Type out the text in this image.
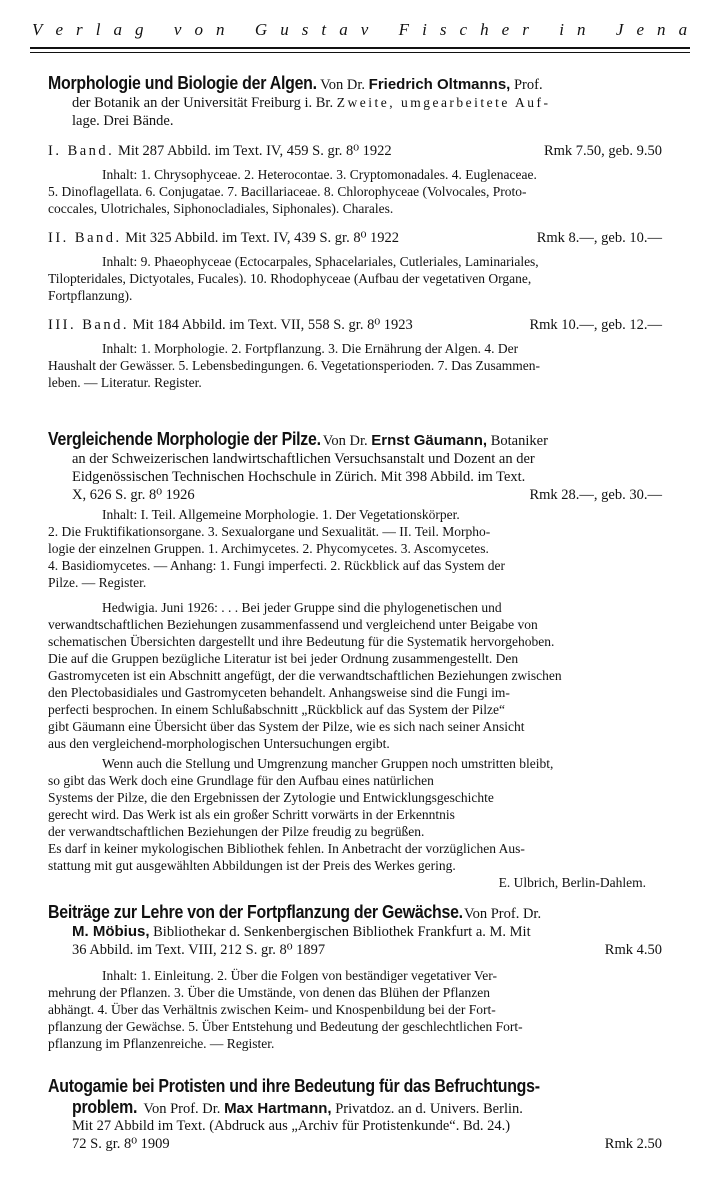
V e r l a g
v o n
G u s t a v
F i s c h e r
i n
J e n a
Morphologie und Biologie der Algen. Von Dr. Friedrich Oltmanns, Prof.
der Botanik an der Universität Freiburg i. Br. Zweite, umgearbeitete Auf-
lage. Drei Bände.
I. Band. Mit 287 Abbild. im Text. IV, 459 S. gr. 8⁰ 1922	Rmk 7.50, geb. 9.50
Inhalt: 1. Chrysophyceae. 2. Heterocontae. 3. Cryptomonadales. 4. Euglenaceae.
5. Dinoflagellata. 6. Conjugatae. 7. Bacillariaceae. 8. Chlorophyceae (Volvocales, Proto-
coccales, Ulotrichales, Siphonocladiales, Siphonales). Charales.
II. Band. Mit 325 Abbild. im Text. IV, 439 S. gr. 8⁰ 1922	Rmk 8.—, geb. 10.—
Inhalt: 9. Phaeophyceae (Ectocarpales, Sphacelariales, Cutleriales, Laminariales,
Tilopteridales, Dictyotales, Fucales). 10. Rhodophyceae (Aufbau der vegetativen Organe,
Fortpflanzung).
III. Band. Mit 184 Abbild. im Text. VII, 558 S. gr. 8⁰ 1923	Rmk 10.—, geb. 12.—
Inhalt: 1. Morphologie. 2. Fortpflanzung. 3. Die Ernährung der Algen. 4. Der
Haushalt der Gewässer. 5. Lebensbedingungen. 6. Vegetationsperioden. 7. Das Zusammen-
leben. — Literatur. Register.
Vergleichende Morphologie der Pilze. Von Dr. Ernst Gäumann, Botaniker
an der Schweizerischen landwirtschaftlichen Versuchsanstalt und Dozent an der
Eidgenössischen Technischen Hochschule in Zürich. Mit 398 Abbild. im Text.
X, 626 S. gr. 8⁰ 1926	Rmk 28.—, geb. 30.—
Inhalt: I. Teil. Allgemeine Morphologie. 1. Der Vegetationskörper.
2. Die Fruktifikationsorgane. 3. Sexualorgane und Sexualität. — II. Teil. Morpho-
logie der einzelnen Gruppen. 1. Archimycetes. 2. Phycomycetes. 3. Ascomycetes.
4. Basidiomycetes. — Anhang: 1. Fungi imperfecti. 2. Rückblick auf das System der
Pilze. — Register.
Hedwigia. Juni 1926: . . . Bei jeder Gruppe sind die phylogenetischen und
verwandtschaftlichen Beziehungen zusammenfassend und vergleichend unter Beigabe von
schematischen Übersichten dargestellt und ihre Bedeutung für die Systematik hervorgehoben.
Die auf die Gruppen bezügliche Literatur ist bei jeder Ordnung zusammengestellt. Den
Gastromyceten ist ein Abschnitt angefügt, der die verwandtschaftlichen Beziehungen zwischen
den Plectobasidiales und Gastromyceten behandelt. Anhangsweise sind die Fungi im-
perfecti besprochen. In einem Schlußabschnitt „Rückblick auf das System der Pilze“
gibt Gäumann eine Übersicht über das System der Pilze, wie es sich nach seiner Ansicht
aus den vergleichend-morphologischen Untersuchungen ergibt.
Wenn auch die Stellung und Umgrenzung mancher Gruppen noch umstritten bleibt,
so gibt das Werk doch eine Grundlage für den Aufbau eines natürlichen
Systems der Pilze, die den Ergebnissen der Zytologie und Entwicklungsgeschichte
gerecht wird. Das Werk ist als ein großer Schritt vorwärts in der Erkenntnis
der verwandtschaftlichen Beziehungen der Pilze freudig zu begrüßen.
Es darf in keiner mykologischen Bibliothek fehlen. In Anbetracht der vorzüglichen Aus-
stattung mit gut ausgewählten Abbildungen ist der Preis des Werkes gering.
E. Ulbrich, Berlin-Dahlem.
Beiträge zur Lehre von der Fortpflanzung der Gewächse. Von Prof. Dr.
M. Möbius, Bibliothekar d. Senkenbergischen Bibliothek Frankfurt a. M. Mit
36 Abbild. im Text. VIII, 212 S. gr. 8⁰ 1897	Rmk 4.50
Inhalt: 1. Einleitung. 2. Über die Folgen von beständiger vegetativer Ver-
mehrung der Pflanzen. 3. Über die Umstände, von denen das Blühen der Pflanzen
abhängt. 4. Über das Verhältnis zwischen Keim- und Knospenbildung bei der Fort-
pflanzung der Gewächse. 5. Über Entstehung und Bedeutung der geschlechtlichen Fort-
pflanzung im Pflanzenreiche. — Register.
Autogamie bei Protisten und ihre Bedeutung für das Befruchtungs-
problem. Von Prof. Dr. Max Hartmann, Privatdoz. an d. Univers. Berlin.
Mit 27 Abbild im Text. (Abdruck aus „Archiv für Protistenkunde“. Bd. 24.)
72 S. gr. 8⁰ 1909	Rmk 2.50
